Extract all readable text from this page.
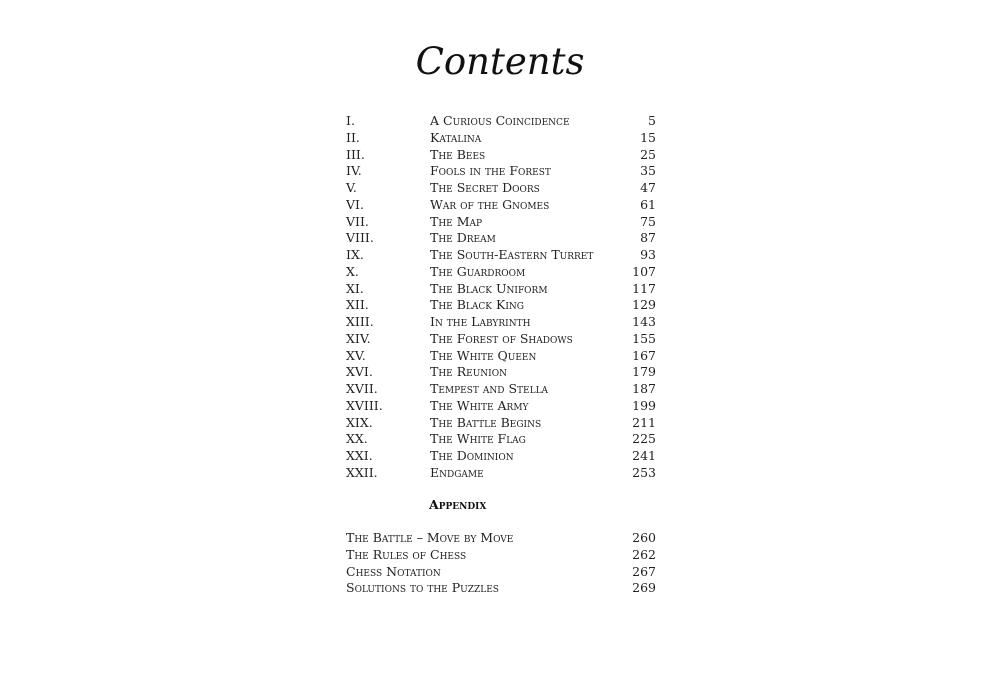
Contents
I.	A Curious Coincidence	5
II.	Katalina	15
III.	The Bees	25
IV.	Fools in the Forest	35
V.	The Secret Doors	47
VI.	War of the Gnomes	61
VII.	The Map	75
VIII.	The Dream	87
IX.	The South-Eastern Turret	93
X.	The Guardroom	107
XI.	The Black Uniform	117
XII.	The Black King	129
XIII.	In the Labyrinth	143
XIV.	The Forest of Shadows	155
XV.	The White Queen	167
XVI.	The Reunion	179
XVII.	Tempest and Stella	187
XVIII.	The White Army	199
XIX.	The Battle Begins	211
XX.	The White Flag	225
XXI.	The Dominion	241
XXII.	Endgame	253
Appendix
The Battle – Move by Move	260
The Rules of Chess	262
Chess Notation	267
Solutions to the Puzzles	269
